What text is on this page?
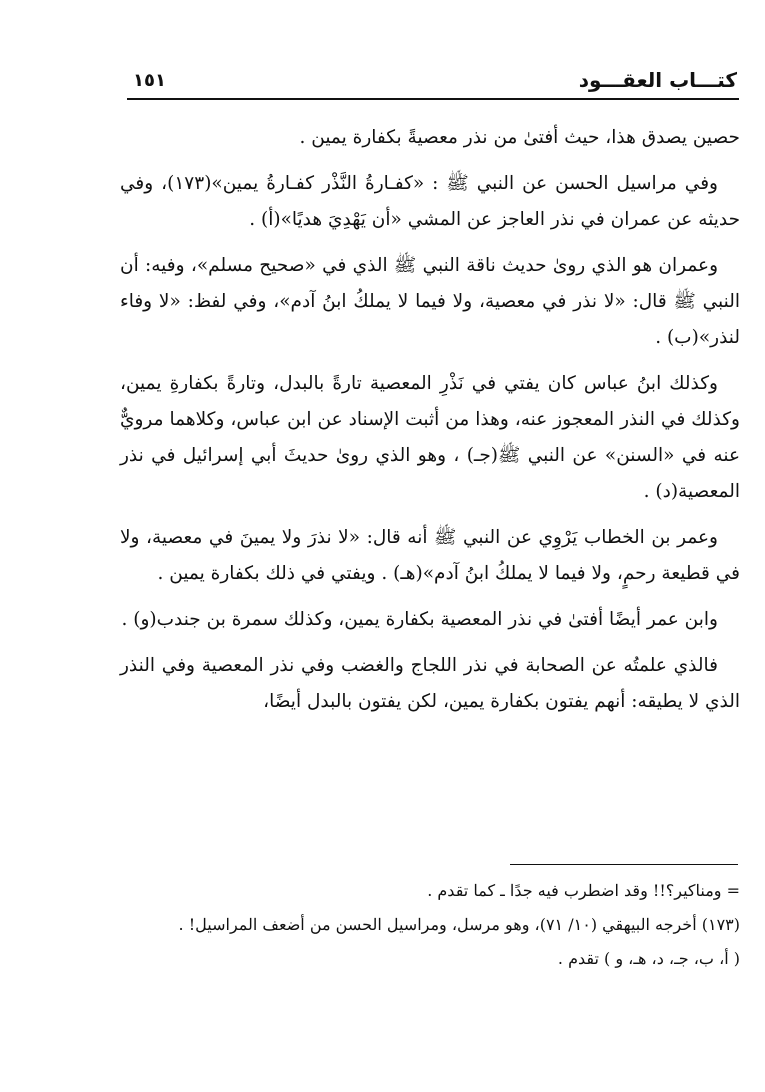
كتـــاب العقـــود
١٥١

حصين يصدق هذا، حيث أفتىٰ من نذر معصيةً بكفارة يمين .

وفي مراسيل الحسن عن النبي ﷺ : «كفـارةُ النَّذْر كفـارةُ يمين»(١٧٣)، وفي حديثه عن عمران في نذر العاجز عن المشي «أن يَهْدِيَ هديًا»(أ) .

وعمران هو الذي روىٰ حديث ناقة النبي ﷺ الذي في «صحيح مسلم»، وفيه: أن النبي ﷺ قال: «لا نذر في معصية، ولا فيما لا يملكُ ابنُ آدم»، وفي لفظ: «لا وفاء لنذر»(ب) .

وكذلك ابنُ عباس كان يفتي في نَذْرِ المعصية تارةً بالبدل، وتارةً بكفارةِ يمين، وكذلك في النذر المعجوز عنه، وهذا من أثبت الإسناد عن ابن عباس، وكلاهما مرويٌّ عنه في «السنن» عن النبي ﷺ(جـ) ، وهو الذي روىٰ حديثَ أبي إسرائيل في نذر المعصية(د) .

وعمر بن الخطاب يَرْوِي عن النبي ﷺ أنه قال: «لا نذرَ ولا يمينَ في معصية، ولا في قطيعة رحمٍ، ولا فيما لا يملكُ ابنُ آدم»(هـ) . ويفتي في ذلك بكفارة يمين .

وابن عمر أيضًا أفتىٰ في نذر المعصية بكفارة يمين، وكذلك سمرة بن جندب(و) .

فالذي علمتُه عن الصحابة في نذر اللجاج والغضب وفي نذر المعصية وفي النذر الذي لا يطيقه: أنهم يفتون بكفارة يمين، لكن يفتون بالبدل أيضًا،

= ومناكير؟!! وقد اضطرب فيه جدًا ـ كما تقدم .

(١٧٣) أخرجه البيهقي (١٠/ ٧١)، وهو مرسل، ومراسيل الحسن من أضعف المراسيل! .

( أ، ب، جـ، د، هـ، و ) تقدم .
